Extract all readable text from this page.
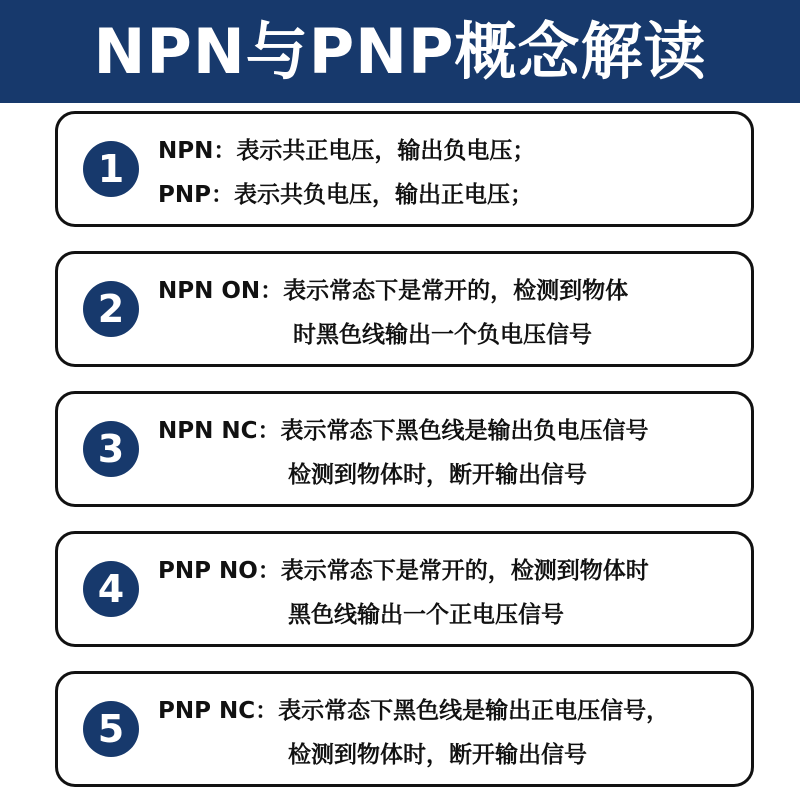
NPN与PNP概念解读
1	NPN：表示共正电压，输出负电压；
PNP：表示共负电压，输出正电压；
2	NPN ON：表示常态下是常开的，检测到物体
时黑色线输出一个负电压信号
3	NPN NC：表示常态下黑色线是输出负电压信号
检测到物体时，断开输出信号
4	PNP NO：表示常态下是常开的，检测到物体时
黑色线输出一个正电压信号
5	PNP NC：表示常态下黑色线是输出正电压信号，
检测到物体时，断开输出信号
